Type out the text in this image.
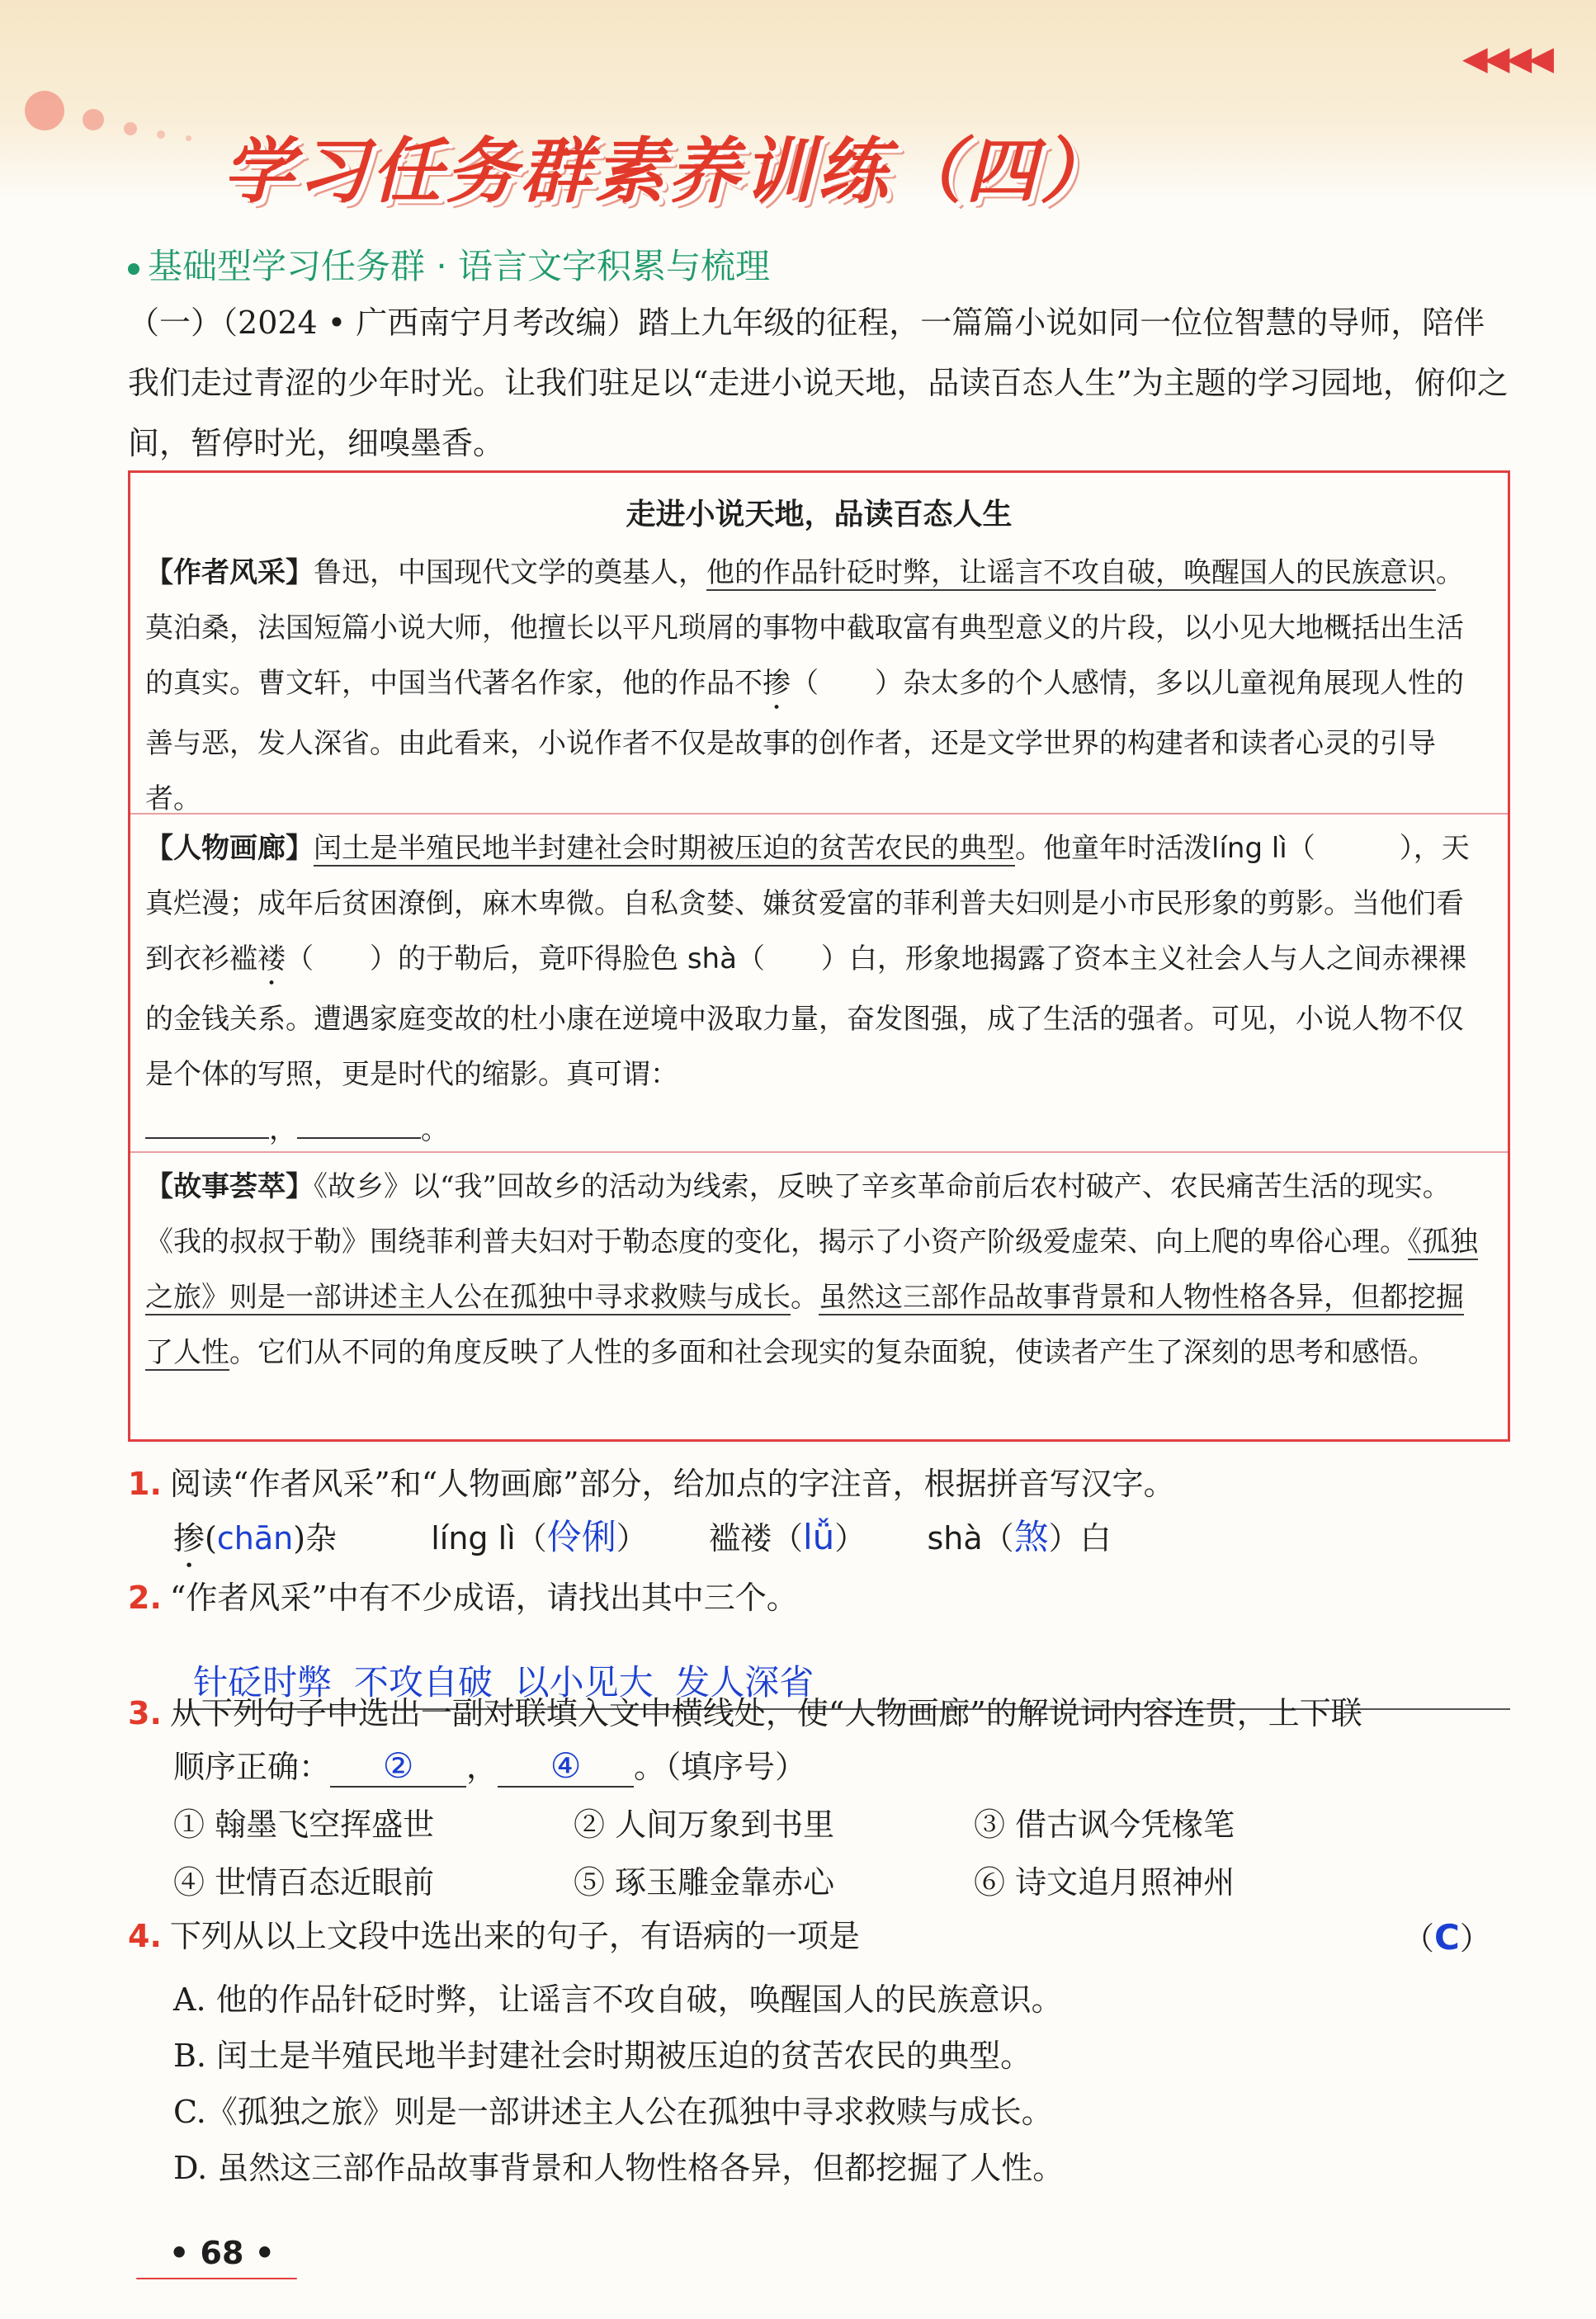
◀◀◀◀
学习任务群素养训练（四）
基础型学习任务群 · 语言文字积累与梳理
（一）（2024 • 广西南宁月考改编）踏上九年级的征程，一篇篇小说如同一位位智慧的导师，陪伴我们走过青涩的少年时光。让我们驻足以“走进小说天地，品读百态人生”为主题的学习园地，俯仰之间，暂停时光，细嗅墨香。
走进小说天地，品读百态人生
【作者风采】鲁迅，中国现代文学的奠基人，他的作品针砭时弊，让谣言不攻自破，唤醒国人的民族意识。莫泊桑，法国短篇小说大师，他擅长以平凡琐屑的事物中截取富有典型意义的片段，以小见大地概括出生活的真实。曹文轩，中国当代著名作家，他的作品不掺（　　）杂太多的个人感情，多以儿童视角展现人性的善与恶，发人深省。由此看来，小说作者不仅是故事的创作者，还是文学世界的构建者和读者心灵的引导者。
【人物画廊】闰土是半殖民地半封建社会时期被压迫的贫苦农民的典型。他童年时活泼líng lì（　　　），天真烂漫；成年后贫困潦倒，麻木卑微。自私贪婪、嫌贫爱富的菲利普夫妇则是小市民形象的剪影。当他们看到衣衫褴褛（　　）的于勒后，竟吓得脸色 shà（　　）白，形象地揭露了资本主义社会人与人之间赤裸裸的金钱关系。遭遇家庭变故的杜小康在逆境中汲取力量，奋发图强，成了生活的强者。可见，小说人物不仅是个体的写照，更是时代的缩影。真可谓：
，	。
【故事荟萃】《故乡》以“我”回故乡的活动为线索，反映了辛亥革命前后农村破产、农民痛苦生活的现实。《我的叔叔于勒》围绕菲利普夫妇对于勒态度的变化，揭示了小资产阶级爱虚荣、向上爬的卑俗心理。《孤独之旅》则是一部讲述主人公在孤独中寻求救赎与成长。虽然这三部作品故事背景和人物性格各异，但都挖掘了人性。它们从不同的角度反映了人性的多面和社会现实的复杂面貌，使读者产生了深刻的思考和感悟。
1. 阅读“作者风采”和“人物画廊”部分，给加点的字注音，根据拼音写汉字。
掺(chān)杂	líng lì（伶俐） 褴褛（lǚ） shà（煞）白
2. “作者风采”中有不少成语，请找出其中三个。

针砭时弊  不攻自破  以小见大  发人深省

3. 从下列句子中选出一副对联填入文中横线处，使“人物画廊”的解说词内容连贯，上下联
顺序正确： ② ， ④ 。（填序号）
① 翰墨飞空挥盛世	② 人间万象到书里	③ 借古讽今凭椽笔
④ 世情百态近眼前	⑤ 琢玉雕金靠赤心	⑥ 诗文追月照神州
4. 下列从以上文段中选出来的句子，有语病的一项是	（C）
A. 他的作品针砭时弊，让谣言不攻自破，唤醒国人的民族意识。
B. 闰土是半殖民地半封建社会时期被压迫的贫苦农民的典型。
C.《孤独之旅》则是一部讲述主人公在孤独中寻求救赎与成长。
D. 虽然这三部作品故事背景和人物性格各异，但都挖掘了人性。
• 68 •
